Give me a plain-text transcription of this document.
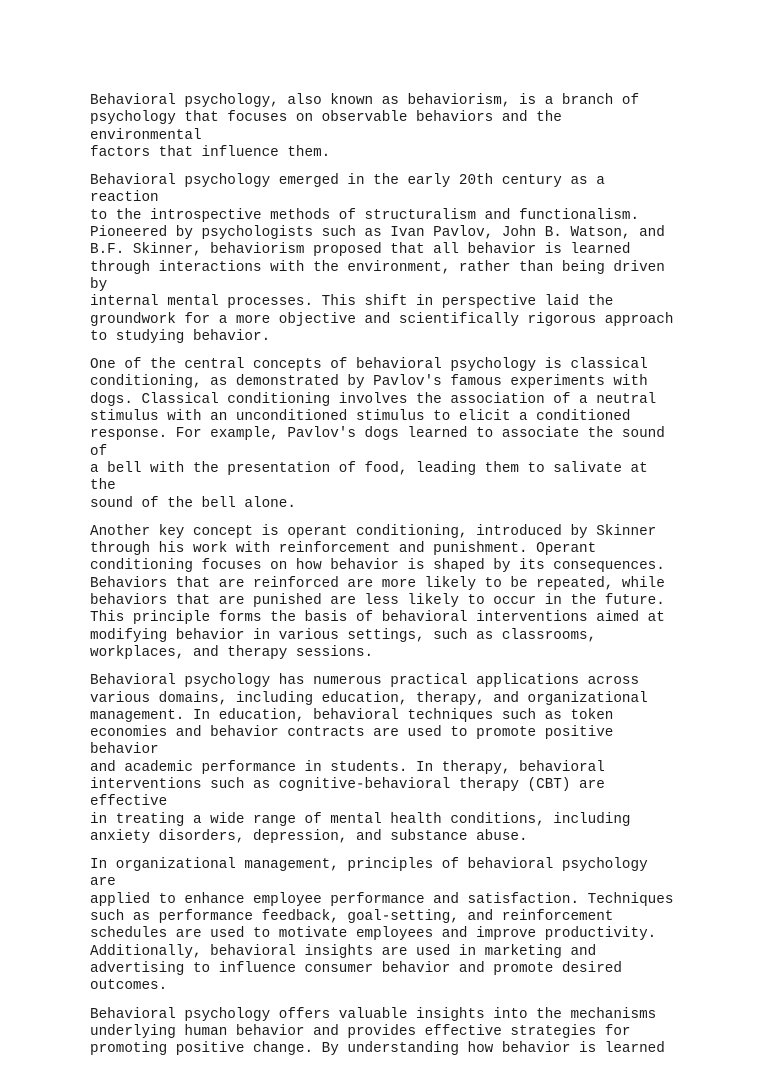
Behavioral psychology, also known as behaviorism, is a branch of
psychology that focuses on observable behaviors and the environmental
factors that influence them.

Behavioral psychology emerged in the early 20th century as a reaction
to the introspective methods of structuralism and functionalism.
Pioneered by psychologists such as Ivan Pavlov, John B. Watson, and
B.F. Skinner, behaviorism proposed that all behavior is learned
through interactions with the environment, rather than being driven by
internal mental processes. This shift in perspective laid the
groundwork for a more objective and scientifically rigorous approach
to studying behavior.

One of the central concepts of behavioral psychology is classical
conditioning, as demonstrated by Pavlov's famous experiments with
dogs. Classical conditioning involves the association of a neutral
stimulus with an unconditioned stimulus to elicit a conditioned
response. For example, Pavlov's dogs learned to associate the sound of
a bell with the presentation of food, leading them to salivate at the
sound of the bell alone.

Another key concept is operant conditioning, introduced by Skinner
through his work with reinforcement and punishment. Operant
conditioning focuses on how behavior is shaped by its consequences.
Behaviors that are reinforced are more likely to be repeated, while
behaviors that are punished are less likely to occur in the future.
This principle forms the basis of behavioral interventions aimed at
modifying behavior in various settings, such as classrooms,
workplaces, and therapy sessions.

Behavioral psychology has numerous practical applications across
various domains, including education, therapy, and organizational
management. In education, behavioral techniques such as token
economies and behavior contracts are used to promote positive behavior
and academic performance in students. In therapy, behavioral
interventions such as cognitive-behavioral therapy (CBT) are effective
in treating a wide range of mental health conditions, including
anxiety disorders, depression, and substance abuse.

In organizational management, principles of behavioral psychology are
applied to enhance employee performance and satisfaction. Techniques
such as performance feedback, goal-setting, and reinforcement
schedules are used to motivate employees and improve productivity.
Additionally, behavioral insights are used in marketing and
advertising to influence consumer behavior and promote desired
outcomes.

Behavioral psychology offers valuable insights into the mechanisms
underlying human behavior and provides effective strategies for
promoting positive change. By understanding how behavior is learned
